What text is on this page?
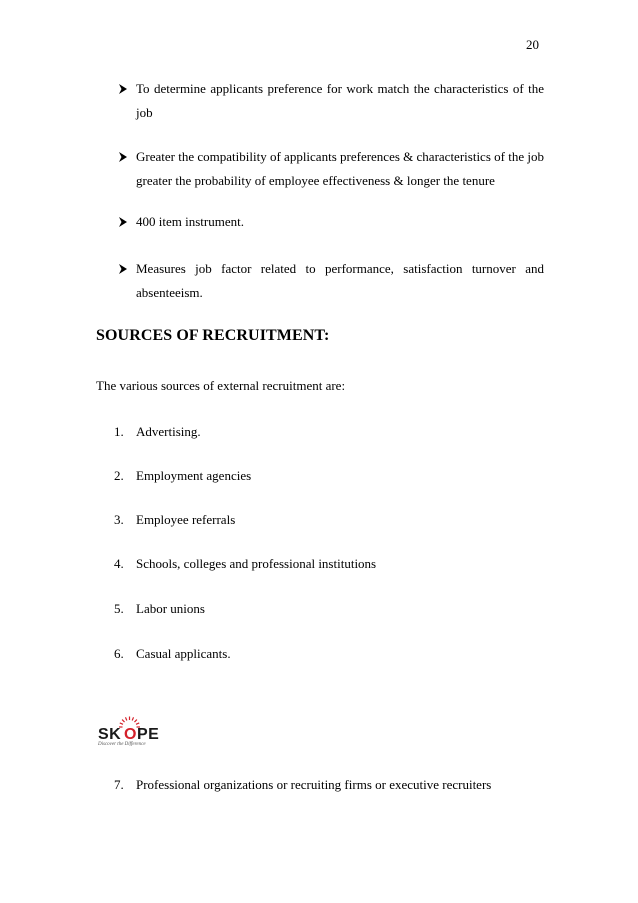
20
To determine applicants preference for work match the characteristics of the job
Greater the compatibility of applicants preferences & characteristics of the job greater the probability of employee effectiveness & longer the tenure
400 item instrument.
Measures job factor related to performance, satisfaction turnover and absenteeism.
SOURCES OF RECRUITMENT:
The various sources of external recruitment are:
1. Advertising.
2. Employment agencies
3. Employee referrals
4. Schools, colleges and professional institutions
5. Labor unions
6. Casual applicants.
SK O PE
Discover the Difference
7. Professional organizations or recruiting firms or executive recruiters
